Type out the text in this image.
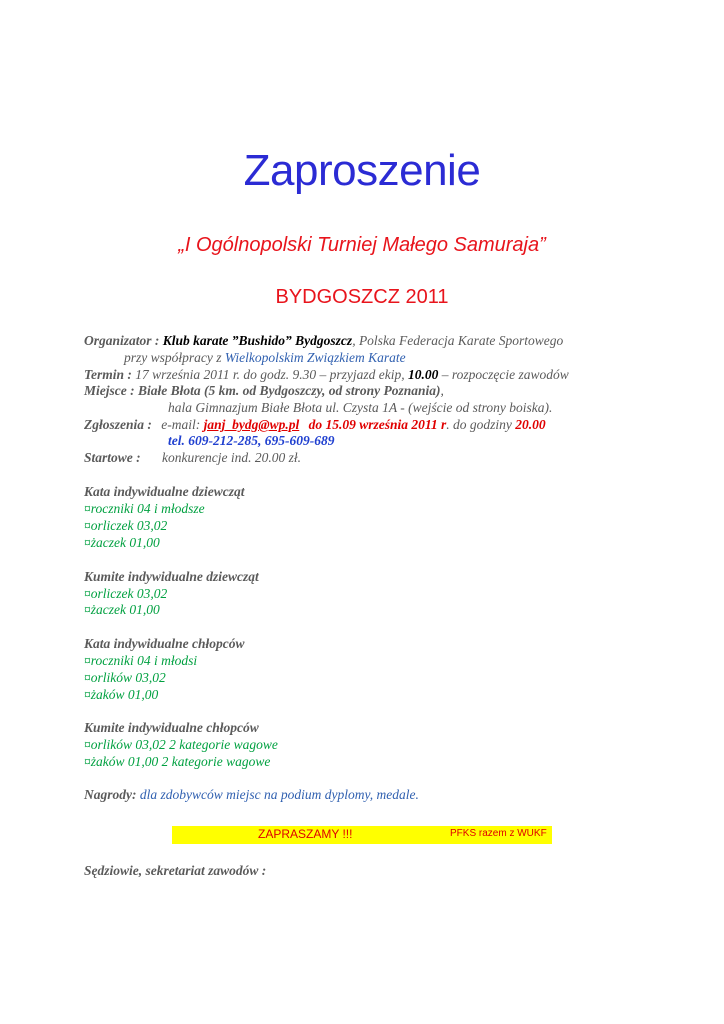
Zaproszenie
„I Ogólnopolski Turniej Małego Samuraja”
BYDGOSZCZ 2011
Organizator : Klub karate ”Bushido” Bydgoszcz, Polska Federacja Karate Sportowego
przy współpracy z Wielkopolskim Związkiem Karate
Termin : 17 września 2011 r. do godz. 9.30 – przyjazd ekip, 10.00 – rozpoczęcie zawodów
Miejsce : Białe Błota (5 km. od Bydgoszczy, od strony Poznania),
hala Gimnazjum Białe Błota ul. Czysta 1A - (wejście od strony boiska).
Zgłoszenia : e-mail: janj_bydg@wp.pl do 15.09 września 2011 r. do godziny 20.00
tel. 609-212-285, 695-609-689
Startowe : konkurencje ind. 20.00 zł.
Kata indywidualne dziewcząt
¤roczniki 04 i młodsze
¤orliczek 03,02
¤żaczek 01,00
Kumite indywidualne dziewcząt
¤orliczek 03,02
¤żaczek 01,00
Kata indywidualne chłopców
¤roczniki 04 i młodsi
¤orlików 03,02
¤żaków 01,00
Kumite indywidualne chłopców
¤orlików 03,02 2 kategorie wagowe
¤żaków 01,00 2 kategorie wagowe
Nagrody: dla zdobywców miejsc na podium dyplomy, medale.
ZAPRASZAMY !!!	PFKS razem z WUKF
Sędziowie, sekretariat zawodów :
